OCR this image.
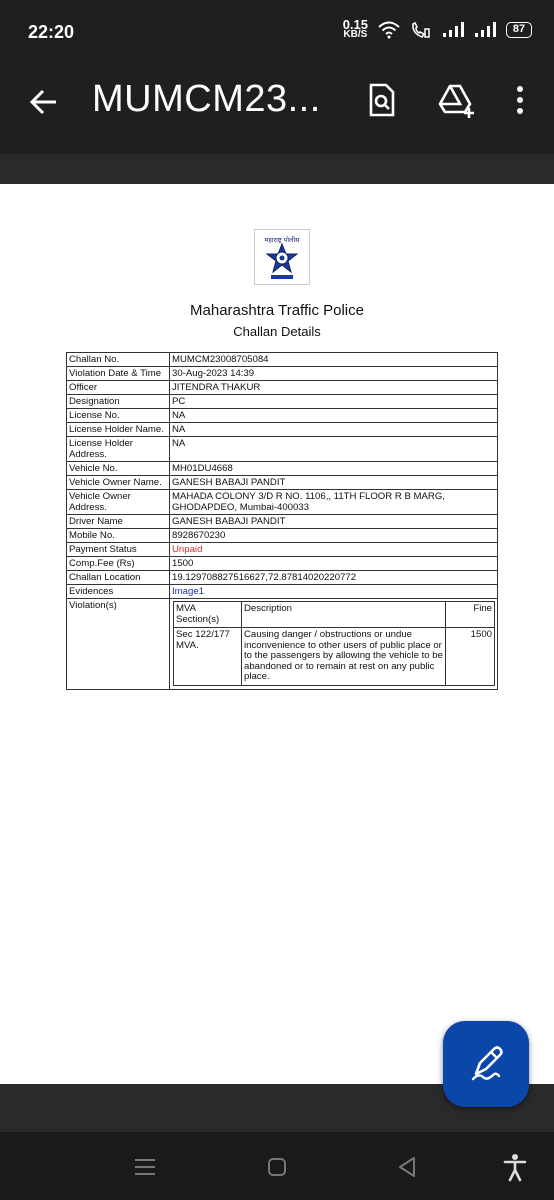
22:20	0.15
KB/S	87
MUMCM23...
महाराष्ट्र पोलीस
Maharashtra Traffic Police
Challan Details
Challan No.	MUMCM23008705084
Violation Date & Time	30-Aug-2023 14:39
Officer	JITENDRA THAKUR
Designation	PC
License No.	NA
License Holder Name.	NA
License Holder Address.	NA
Vehicle No.	MH01DU4668
Vehicle Owner Name.	GANESH BABAJI PANDIT
Vehicle Owner Address.	MAHADA COLONY 3/D R NO. 1106,, 11TH FLOOR R B MARG, GHODAPDEO, Mumbai-400033
Driver Name	GANESH BABAJI PANDIT
Mobile No.	8928670230
Payment Status	Unpaid
Comp.Fee (Rs)	1500
Challan Location	19.129708827516627,72.87814020220772
Evidences	Image1
Violation(s)		MVA Section(s)	Description	Fine
Sec 122/177 MVA.	Causing danger / obstructions or undue inconvenience to other users of public place or to the passengers by allowing the vehicle to be abandoned or to remain at rest on any public place.	1500
